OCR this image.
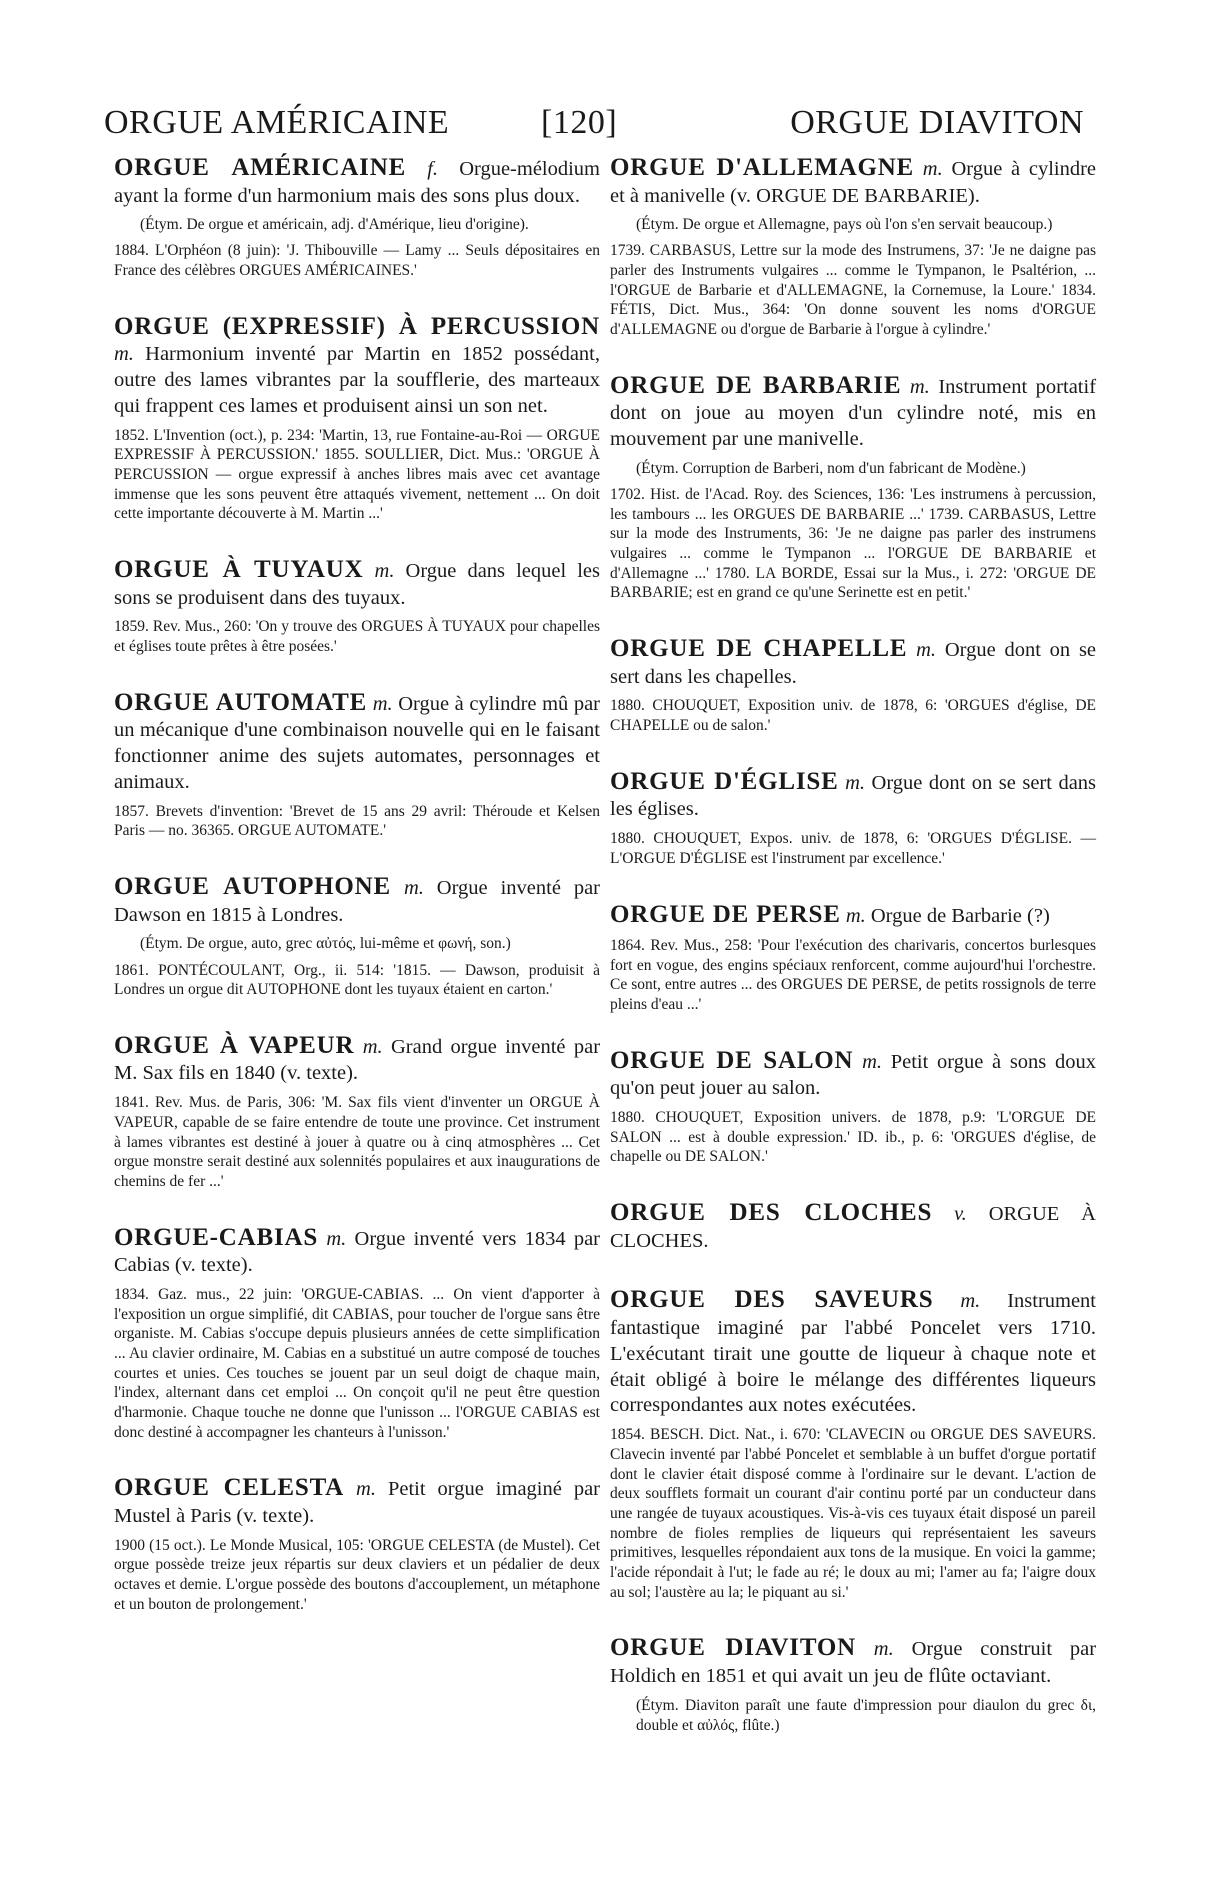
ORGUE AMÉRICAINE	[120]	ORGUE DIAVITON

ORGUE AMÉRICAINE f. Orgue-mélodium ayant la forme d'un harmonium mais des sons plus doux.

(Étym. De orgue et américain, adj. d'Amérique, lieu d'origine).

1884. L'Orphéon (8 juin): 'J. Thibouville — Lamy ... Seuls dépositaires en France des célèbres ORGUES AMÉRICAINES.'

ORGUE (EXPRESSIF) À PERCUSSION m. Harmonium inventé par Martin en 1852 possédant, outre des lames vibrantes par la soufflerie, des marteaux qui frappent ces lames et produisent ainsi un son net.

1852. L'Invention (oct.), p. 234: 'Martin, 13, rue Fontaine-au-Roi — ORGUE EXPRESSIF À PERCUSSION.' 1855. SOULLIER, Dict. Mus.: 'ORGUE À PERCUSSION — orgue expressif à anches libres mais avec cet avantage immense que les sons peuvent être attaqués vivement, nettement ... On doit cette importante découverte à M. Martin ...'

ORGUE À TUYAUX m. Orgue dans lequel les sons se produisent dans des tuyaux.

1859. Rev. Mus., 260: 'On y trouve des ORGUES À TUYAUX pour chapelles et églises toute prêtes à être posées.'

ORGUE AUTOMATE m. Orgue à cylindre mû par un mécanique d'une combinaison nouvelle qui en le faisant fonctionner anime des sujets automates, personnages et animaux.

1857. Brevets d'invention: 'Brevet de 15 ans 29 avril: Théroude et Kelsen Paris — no. 36365. ORGUE AUTOMATE.'

ORGUE AUTOPHONE m. Orgue inventé par Dawson en 1815 à Londres.

(Étym. De orgue, auto, grec αὐτός, lui-même et φωνή, son.)

1861. PONTÉCOULANT, Org., ii. 514: '1815. — Dawson, produisit à Londres un orgue dit AUTOPHONE dont les tuyaux étaient en carton.'

ORGUE À VAPEUR m. Grand orgue inventé par M. Sax fils en 1840 (v. texte).

1841. Rev. Mus. de Paris, 306: 'M. Sax fils vient d'inventer un ORGUE À VAPEUR, capable de se faire entendre de toute une province. Cet instrument à lames vibrantes est destiné à jouer à quatre ou à cinq atmosphères ... Cet orgue monstre serait destiné aux solennités populaires et aux inaugurations de chemins de fer ...'

ORGUE-CABIAS m. Orgue inventé vers 1834 par Cabias (v. texte).

1834. Gaz. mus., 22 juin: 'ORGUE-CABIAS. ... On vient d'apporter à l'exposition un orgue simplifié, dit CABIAS, pour toucher de l'orgue sans être organiste. M. Cabias s'occupe depuis plusieurs années de cette simplification ... Au clavier ordinaire, M. Cabias en a substitué un autre composé de touches courtes et unies. Ces touches se jouent par un seul doigt de chaque main, l'index, alternant dans cet emploi ... On conçoit qu'il ne peut être question d'harmonie. Chaque touche ne donne que l'unisson ... l'ORGUE CABIAS est donc destiné à accompagner les chanteurs à l'unisson.'

ORGUE CELESTA m. Petit orgue imaginé par Mustel à Paris (v. texte).

1900 (15 oct.). Le Monde Musical, 105: 'ORGUE CELESTA (de Mustel). Cet orgue possède treize jeux répartis sur deux claviers et un pédalier de deux octaves et demie. L'orgue possède des boutons d'accouplement, un métaphone et un bouton de prolongement.'

ORGUE D'ALLEMAGNE m. Orgue à cylindre et à manivelle (v. ORGUE DE BARBARIE).

(Étym. De orgue et Allemagne, pays où l'on s'en servait beaucoup.)

1739. CARBASUS, Lettre sur la mode des Instrumens, 37: 'Je ne daigne pas parler des Instruments vulgaires ... comme le Tympanon, le Psaltérion, ... l'ORGUE de Barbarie et d'ALLEMAGNE, la Cornemuse, la Loure.' 1834. FÉTIS, Dict. Mus., 364: 'On donne souvent les noms d'ORGUE d'ALLEMAGNE ou d'orgue de Barbarie à l'orgue à cylindre.'

ORGUE DE BARBARIE m. Instrument portatif dont on joue au moyen d'un cylindre noté, mis en mouvement par une manivelle.

(Étym. Corruption de Barberi, nom d'un fabricant de Modène.)

1702. Hist. de l'Acad. Roy. des Sciences, 136: 'Les instrumens à percussion, les tambours ... les ORGUES DE BARBARIE ...' 1739. CARBASUS, Lettre sur la mode des Instruments, 36: 'Je ne daigne pas parler des instrumens vulgaires ... comme le Tympanon ... l'ORGUE DE BARBARIE et d'Allemagne ...' 1780. LA BORDE, Essai sur la Mus., i. 272: 'ORGUE DE BARBARIE; est en grand ce qu'une Serinette est en petit.'

ORGUE DE CHAPELLE m. Orgue dont on se sert dans les chapelles.

1880. CHOUQUET, Exposition univ. de 1878, 6: 'ORGUES d'église, DE CHAPELLE ou de salon.'

ORGUE D'ÉGLISE m. Orgue dont on se sert dans les églises.

1880. CHOUQUET, Expos. univ. de 1878, 6: 'ORGUES D'ÉGLISE. — L'ORGUE D'ÉGLISE est l'instrument par excellence.'

ORGUE DE PERSE m. Orgue de Barbarie (?)

1864. Rev. Mus., 258: 'Pour l'exécution des charivaris, concertos burlesques fort en vogue, des engins spéciaux renforcent, comme aujourd'hui l'orchestre. Ce sont, entre autres ... des ORGUES DE PERSE, de petits rossignols de terre pleins d'eau ...'

ORGUE DE SALON m. Petit orgue à sons doux qu'on peut jouer au salon.

1880. CHOUQUET, Exposition univers. de 1878, p.9: 'L'ORGUE DE SALON ... est à double expression.' ID. ib., p. 6: 'ORGUES d'église, de chapelle ou DE SALON.'

ORGUE DES CLOCHES v. ORGUE À CLOCHES.

ORGUE DES SAVEURS m. Instrument fantastique imaginé par l'abbé Poncelet vers 1710. L'exécutant tirait une goutte de liqueur à chaque note et était obligé à boire le mélange des différentes liqueurs correspondantes aux notes exécutées.

1854. BESCH. Dict. Nat., i. 670: 'CLAVECIN ou ORGUE DES SAVEURS. Clavecin inventé par l'abbé Poncelet et semblable à un buffet d'orgue portatif dont le clavier était disposé comme à l'ordinaire sur le devant. L'action de deux soufflets formait un courant d'air continu porté par un conducteur dans une rangée de tuyaux acoustiques. Vis-à-vis ces tuyaux était disposé un pareil nombre de fioles remplies de liqueurs qui représentaient les saveurs primitives, lesquelles répondaient aux tons de la musique. En voici la gamme; l'acide répondait à l'ut; le fade au ré; le doux au mi; l'amer au fa; l'aigre doux au sol; l'austère au la; le piquant au si.'

ORGUE DIAVITON m. Orgue construit par Holdich en 1851 et qui avait un jeu de flûte octaviant.

(Étym. Diaviton paraît une faute d'impression pour diaulon du grec δι, double et αὐλός, flûte.)
